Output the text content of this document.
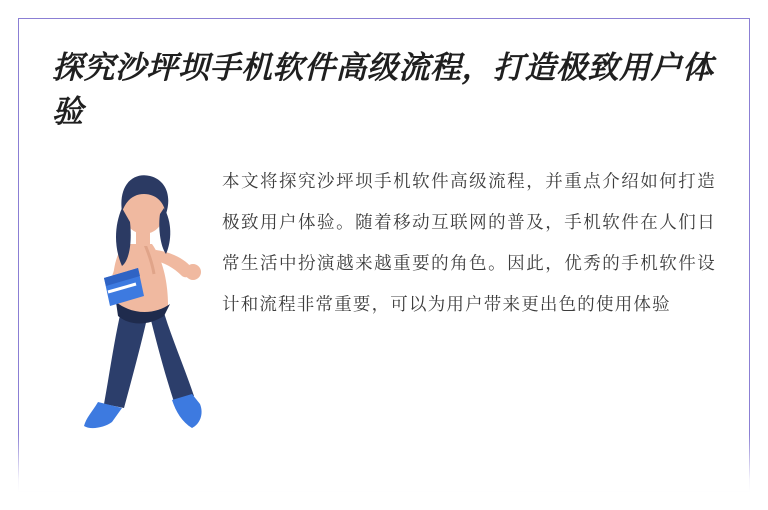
探究沙坪坝手机软件高级流程，打造极致用户体验

本文将探究沙坪坝手机软件高级流程，并重点介绍如何打造极致用户体验。随着移动互联网的普及，手机软件在人们日常生活中扮演越来越重要的角色。因此，优秀的手机软件设计和流程非常重要，可以为用户带来更出色的使用体验
